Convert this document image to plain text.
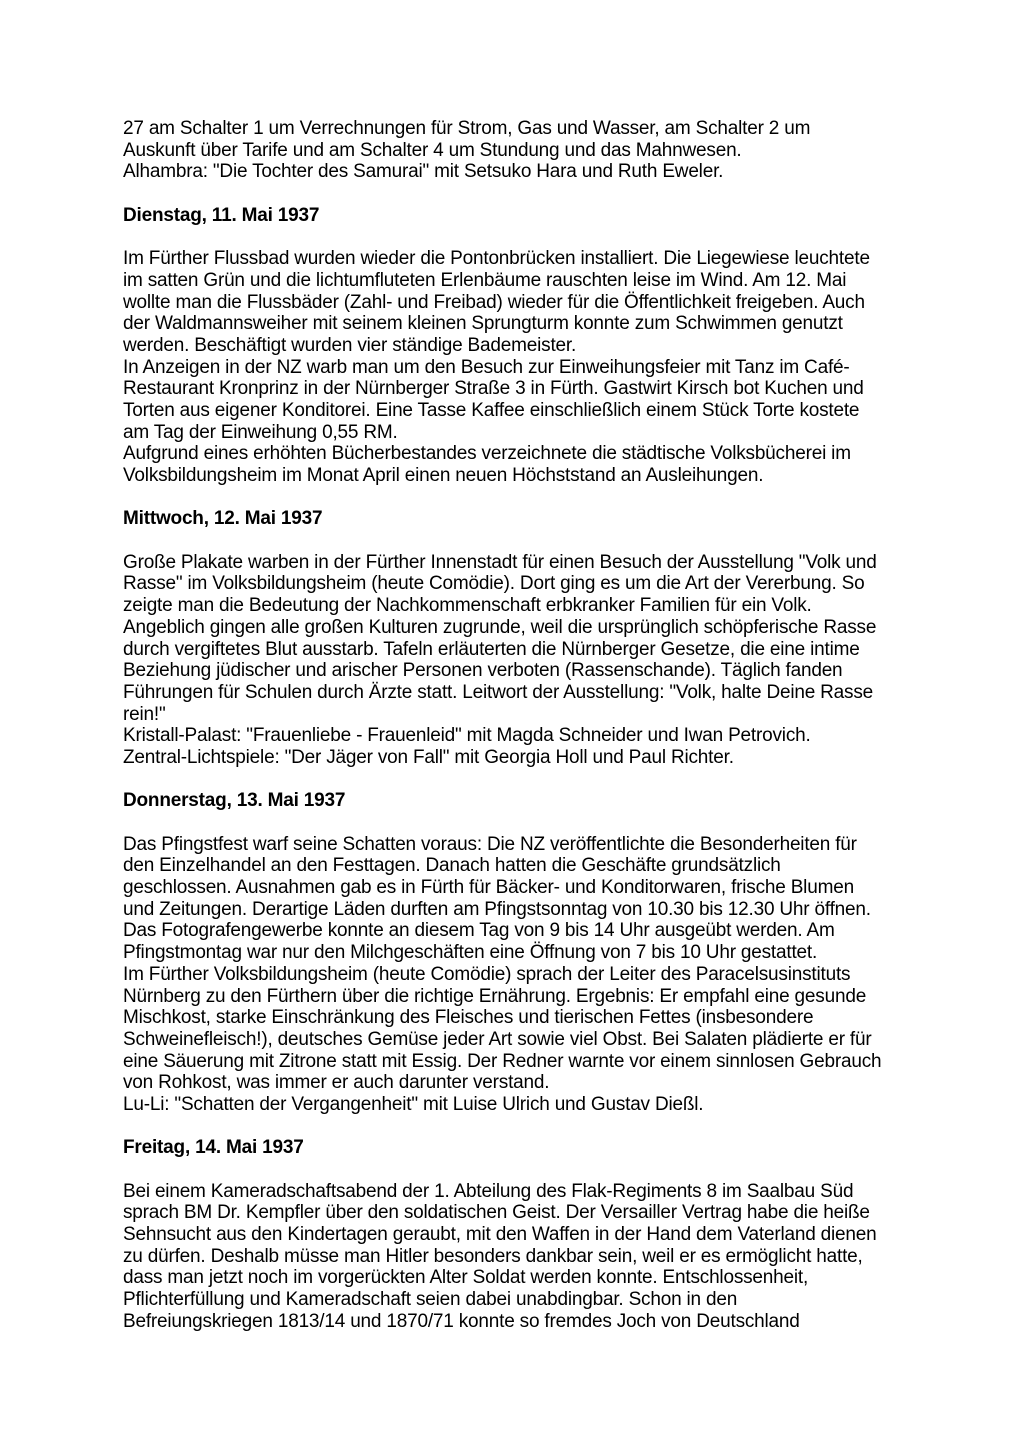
27 am Schalter 1 um Verrechnungen für Strom, Gas und Wasser, am Schalter 2 um
Auskunft über Tarife und am Schalter 4 um Stundung und das Mahnwesen.
Alhambra: "Die Tochter des Samurai" mit Setsuko Hara und Ruth Eweler.
Dienstag, 11. Mai 1937
Im Fürther Flussbad wurden wieder die Pontonbrücken installiert. Die Liegewiese leuchtete
im satten Grün und die lichtumfluteten Erlenbäume rauschten leise im Wind. Am 12. Mai
wollte man die Flussbäder (Zahl- und Freibad) wieder für die Öffentlichkeit freigeben. Auch
der Waldmannsweiher mit seinem kleinen Sprungturm konnte zum Schwimmen genutzt
werden. Beschäftigt wurden vier ständige Bademeister.
In Anzeigen in der NZ warb man um den Besuch zur Einweihungsfeier mit Tanz im Café-
Restaurant Kronprinz in der Nürnberger Straße 3 in Fürth. Gastwirt Kirsch bot Kuchen und
Torten aus eigener Konditorei. Eine Tasse Kaffee einschließlich einem Stück Torte kostete
am Tag der Einweihung 0,55 RM.
Aufgrund eines erhöhten Bücherbestandes verzeichnete die städtische Volksbücherei im
Volksbildungsheim im Monat April einen neuen Höchststand an Ausleihungen.
Mittwoch, 12. Mai 1937
Große Plakate warben in der Fürther Innenstadt für einen Besuch der Ausstellung "Volk und
Rasse" im Volksbildungsheim (heute Comödie). Dort ging es um die Art der Vererbung. So
zeigte man die Bedeutung der Nachkommenschaft erbkranker Familien für ein Volk.
Angeblich gingen alle großen Kulturen zugrunde, weil die ursprünglich schöpferische Rasse
durch vergiftetes Blut ausstarb. Tafeln erläuterten die Nürnberger Gesetze, die eine intime
Beziehung jüdischer und arischer Personen verboten (Rassenschande). Täglich fanden
Führungen für Schulen durch Ärzte statt. Leitwort der Ausstellung: "Volk, halte Deine Rasse
rein!"
Kristall-Palast: "Frauenliebe - Frauenleid" mit Magda Schneider und Iwan Petrovich.
Zentral-Lichtspiele: "Der Jäger von Fall" mit Georgia Holl und Paul Richter.
Donnerstag, 13. Mai 1937
Das Pfingstfest warf seine Schatten voraus: Die NZ veröffentlichte die Besonderheiten für
den Einzelhandel an den Festtagen. Danach hatten die Geschäfte grundsätzlich
geschlossen. Ausnahmen gab es in Fürth für Bäcker- und Konditorwaren, frische Blumen
und Zeitungen. Derartige Läden durften am Pfingstsonntag von 10.30 bis 12.30 Uhr öffnen.
Das Fotografengewerbe konnte an diesem Tag von 9 bis 14 Uhr ausgeübt werden. Am
Pfingstmontag war nur den Milchgeschäften eine Öffnung von 7 bis 10 Uhr gestattet.
Im Fürther Volksbildungsheim (heute Comödie) sprach der Leiter des Paracelsusinstituts
Nürnberg zu den Fürthern über die richtige Ernährung. Ergebnis: Er empfahl eine gesunde
Mischkost, starke Einschränkung des Fleisches und tierischen Fettes (insbesondere
Schweinefleisch!), deutsches Gemüse jeder Art sowie viel Obst. Bei Salaten plädierte er für
eine Säuerung mit Zitrone statt mit Essig. Der Redner warnte vor einem sinnlosen Gebrauch
von Rohkost, was immer er auch darunter verstand.
Lu-Li: "Schatten der Vergangenheit" mit Luise Ulrich und Gustav Dießl.
Freitag, 14. Mai 1937
Bei einem Kameradschaftsabend der 1. Abteilung des Flak-Regiments 8 im Saalbau Süd
sprach BM Dr. Kempfler über den soldatischen Geist. Der Versailler Vertrag habe die heiße
Sehnsucht aus den Kindertagen geraubt, mit den Waffen in der Hand dem Vaterland dienen
zu dürfen. Deshalb müsse man Hitler besonders dankbar sein, weil er es ermöglicht hatte,
dass man jetzt noch im vorgerückten Alter Soldat werden konnte. Entschlossenheit,
Pflichterfüllung und Kameradschaft seien dabei unabdingbar. Schon in den
Befreiungskriegen 1813/14 und 1870/71 konnte so fremdes Joch von Deutschland
